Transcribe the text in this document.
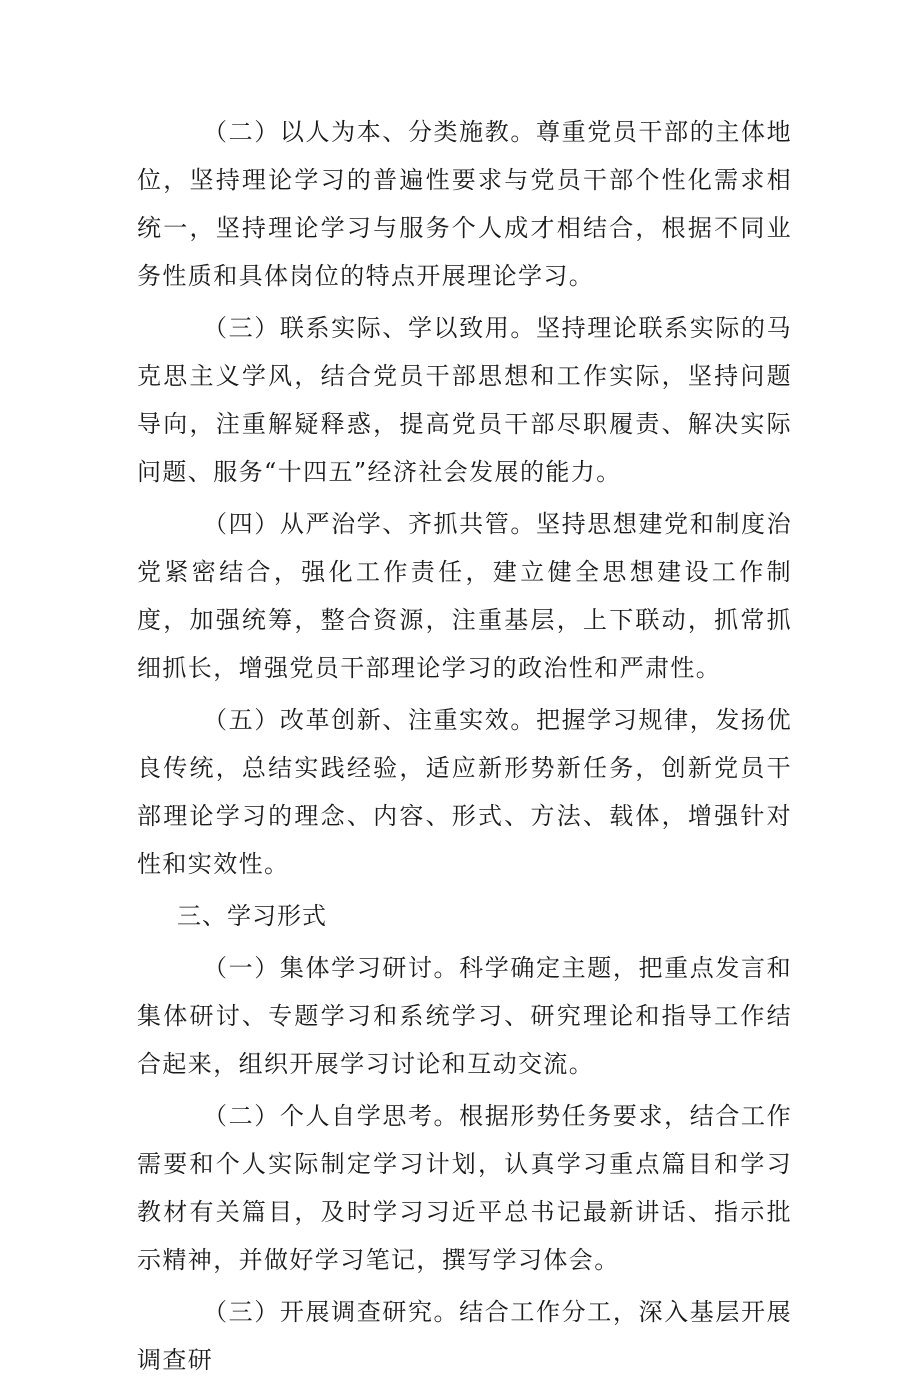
（二）以人为本、分类施教。尊重党员干部的主体地位，坚持理论学习的普遍性要求与党员干部个性化需求相统一，坚持理论学习与服务个人成才相结合，根据不同业务性质和具体岗位的特点开展理论学习。

（三）联系实际、学以致用。坚持理论联系实际的马克思主义学风，结合党员干部思想和工作实际，坚持问题导向，注重解疑释惑，提高党员干部尽职履责、解决实际问题、服务“十四五”经济社会发展的能力。

（四）从严治学、齐抓共管。坚持思想建党和制度治党紧密结合，强化工作责任，建立健全思想建设工作制度，加强统筹，整合资源，注重基层，上下联动，抓常抓细抓长，增强党员干部理论学习的政治性和严肃性。

（五）改革创新、注重实效。把握学习规律，发扬优良传统，总结实践经验，适应新形势新任务，创新党员干部理论学习的理念、内容、形式、方法、载体，增强针对性和实效性。

三、学习形式

（一）集体学习研讨。科学确定主题，把重点发言和集体研讨、专题学习和系统学习、研究理论和指导工作结合起来，组织开展学习讨论和互动交流。

（二）个人自学思考。根据形势任务要求，结合工作需要和个人实际制定学习计划，认真学习重点篇目和学习教材有关篇目，及时学习习近平总书记最新讲话、指示批示精神，并做好学习笔记，撰写学习体会。

（三）开展调查研究。结合工作分工，深入基层开展调查研
